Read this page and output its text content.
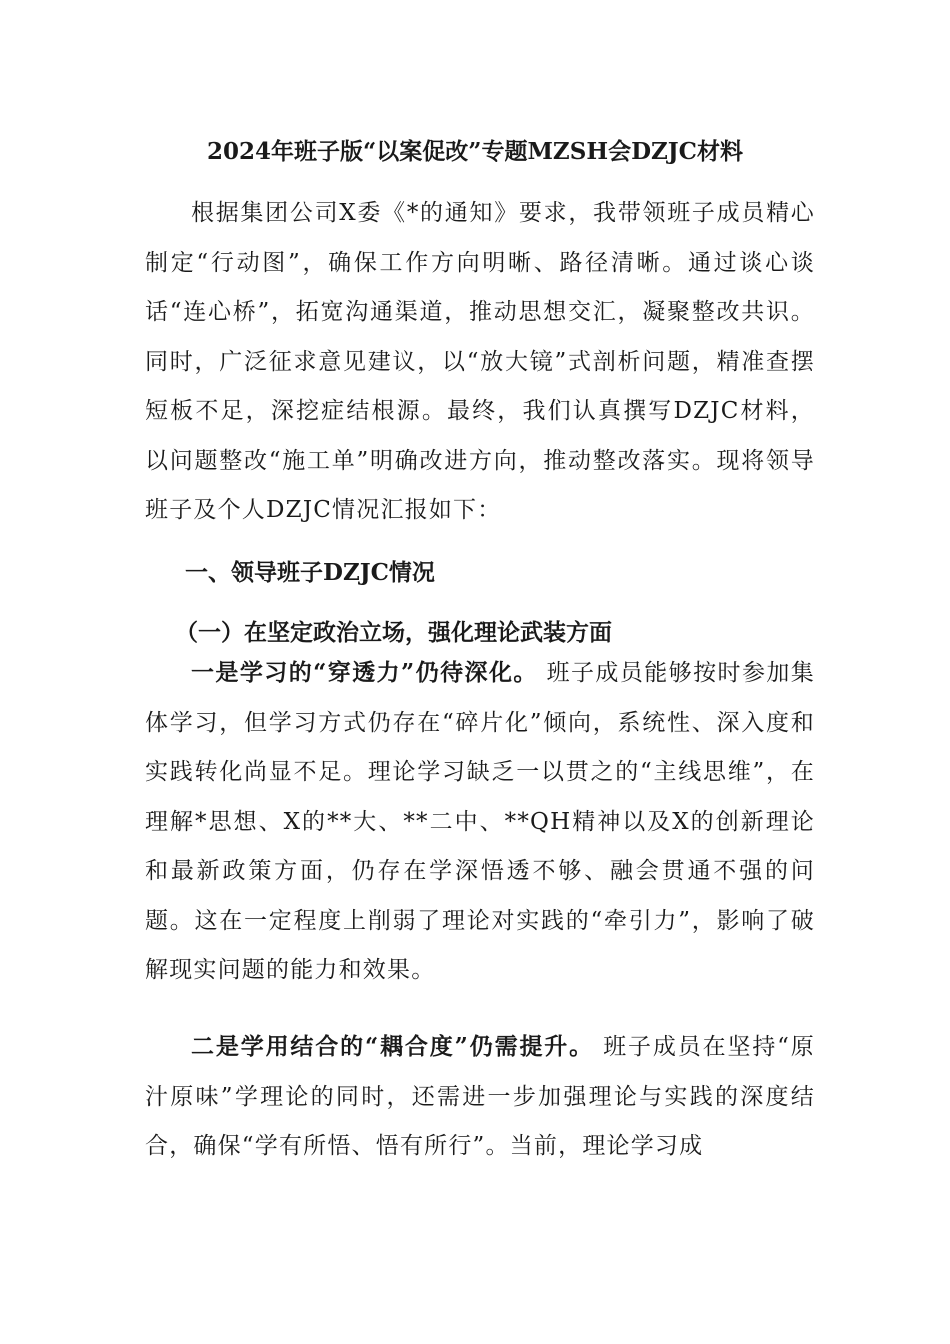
2024年班子版“以案促改”专题MZSH会DZJC材料

根据集团公司X委《*的通知》要求，我带领班子成员精心制定“行动图”，确保工作方向明晰、路径清晰。通过谈心谈话“连心桥”，拓宽沟通渠道，推动思想交汇，凝聚整改共识。同时，广泛征求意见建议，以“放大镜”式剖析问题，精准查摆短板不足，深挖症结根源。最终，我们认真撰写DZJC材料，以问题整改“施工单”明确改进方向，推动整改落实。现将领导班子及个人DZJC情况汇报如下：

一、领导班子DZJC情况
（一）在坚定政治立场，强化理论武装方面

一是学习的“穿透力”仍待深化。 班子成员能够按时参加集体学习，但学习方式仍存在“碎片化”倾向，系统性、深入度和实践转化尚显不足。理论学习缺乏一以贯之的“主线思维”，在理解*思想、X的**大、**二中、**QH精神以及X的创新理论和最新政策方面，仍存在学深悟透不够、融会贯通不强的问题。这在一定程度上削弱了理论对实践的“牵引力”，影响了破解现实问题的能力和效果。

二是学用结合的“耦合度”仍需提升。 班子成员在坚持“原汁原味”学理论的同时，还需进一步加强理论与实践的深度结合，确保“学有所悟、悟有所行”。当前，理论学习成
